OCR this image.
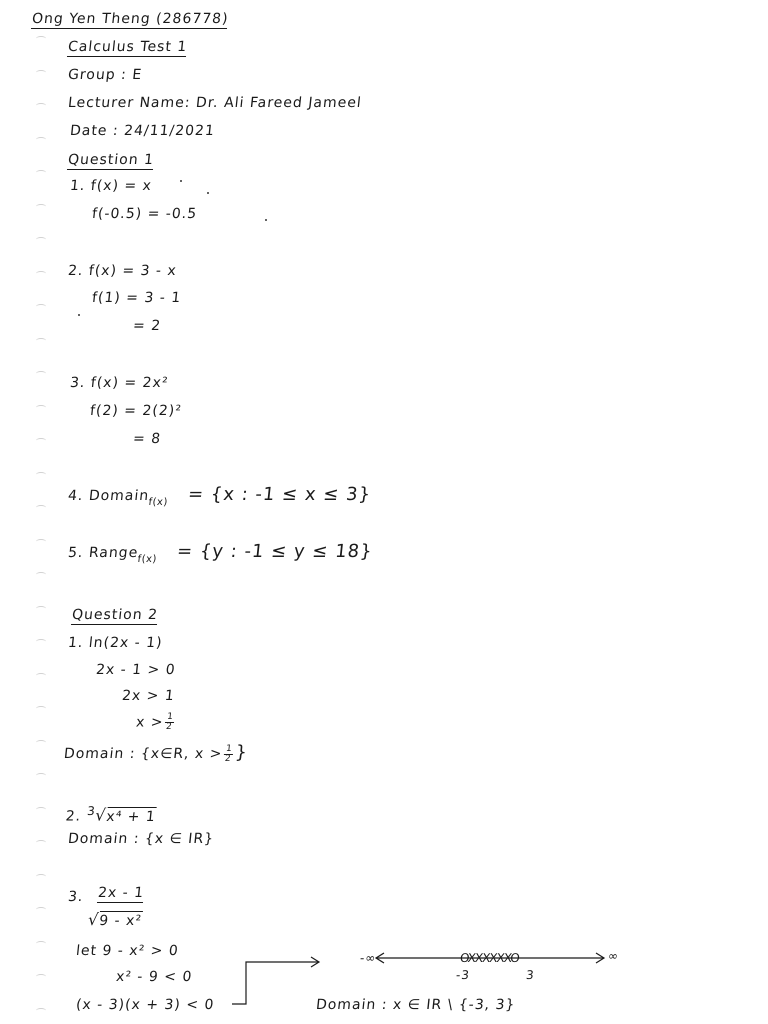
Ong Yen Theng (286778)
Calculus Test 1
Group : E
Lecturer Name: Dr. Ali Fareed Jameel
Date : 24/11/2021
Question 1
1. f(x) = x
f(-0.5) = -0.5
2. f(x) = 3 - x
f(1) = 3 - 1
= 2
3. f(x) = 2x²
f(2) = 2(2)²
= 8
4. Domain$_{f(x)}$ = {x : -1 ≤ x ≤ 3}
5. Range$_{f(x)}$ = {y : -1 ≤ y ≤ 18}
Question 2
1. ln(2x - 1)
2x - 1 > 0
2x > 1
$x > \frac{1}{2}$
Domain : {x∈R, $x > \frac{1}{2}$ }
2. $^3$√x⁴ + 1
Domain : {x ∈ IR}
3. 2x - 1
√9 - x²
let 9 - x² > 0
x² - 9 < 0
(x - 3)(x + 3) < 0
-∞	∞
OXXXXXXO
-3	3
Domain : x ∈ IR \ {-3, 3}
